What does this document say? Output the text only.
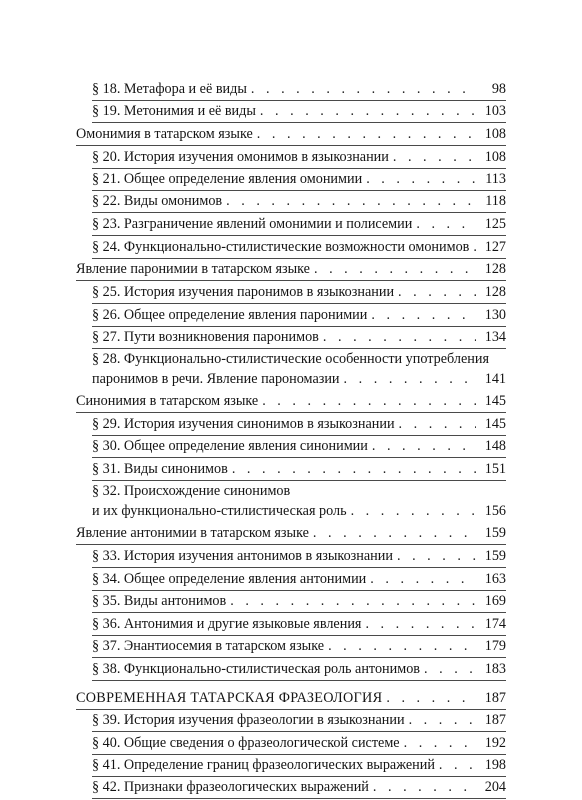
§ 18. Метафора и её виды . . .	98
§ 19. Метонимия и её виды . . .	103
Омонимия в татарском языке . . .	108
§ 20. История изучения омонимов в языкознании . . .	108
§ 21. Общее определение явления омонимии . . .	113
§ 22. Виды омонимов . . .	118
§ 23. Разграничение явлений омонимии и полисемии . . .	125
§ 24. Функционально-стилистические возможности омонимов . . .	127
Явление паронимии в татарском языке . . .	128
§ 25. История изучения паронимов в языкознании . . .	128
§ 26. Общее определение явления паронимии . . .	130
§ 27. Пути возникновения паронимов . . .	134
§ 28. Функционально-стилистические особенности употребления
паронимов в речи. Явление парономазии . . .	141
Синонимия в татарском языке . . .	145
§ 29. История изучения синонимов в языкознании . . .	145
§ 30. Общее определение явления синонимии . . .	148
§ 31. Виды синонимов . . .	151
§ 32. Происхождение синонимов
и их функционально-стилистическая роль . . .	156
Явление антонимии в татарском языке . . .	159
§ 33. История изучения антонимов в языкознании . . .	159
§ 34. Общее определение явления антонимии . . .	163
§ 35. Виды антонимов . . .	169
§ 36. Антонимия и другие языковые явления . . .	174
§ 37. Энантиосемия в татарском языке . . .	179
§ 38. Функционально-стилистическая роль антонимов . . .	183
СОВРЕМЕННАЯ ТАТАРСКАЯ ФРАЗЕОЛОГИЯ . . .	187
§ 39. История изучения фразеологии в языкознании . . .	187
§ 40. Общие сведения о фразеологической системе . . .	192
§ 41. Определение границ фразеологических выражений . . .	198
§ 42. Признаки фразеологических выражений . . .	204
